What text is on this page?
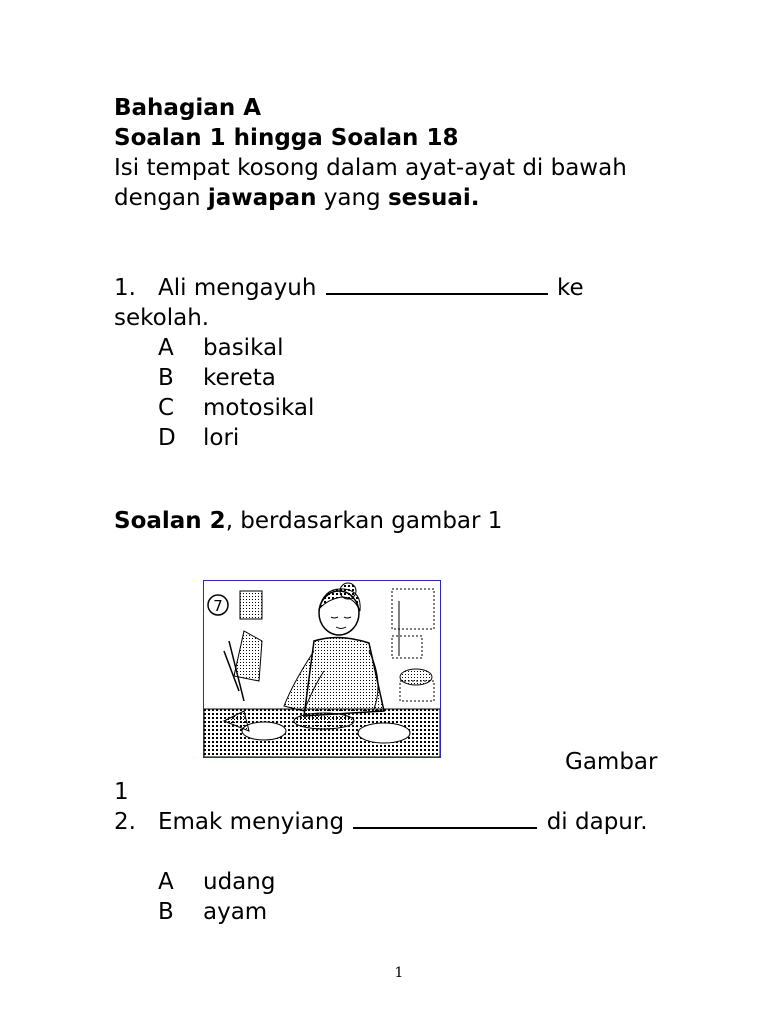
Bahagian A
Soalan 1 hingga Soalan 18
Isi tempat kosong dalam ayat-ayat di bawah
dengan jawapan yang sesuai.
1. Ali mengayuh	ke
sekolah.
A basikal
B kereta
C motosikal
D lori
Soalan 2, berdasarkan gambar 1
7
Gambar
1
2. Emak menyiang	di dapur.
A udang
B ayam
1
